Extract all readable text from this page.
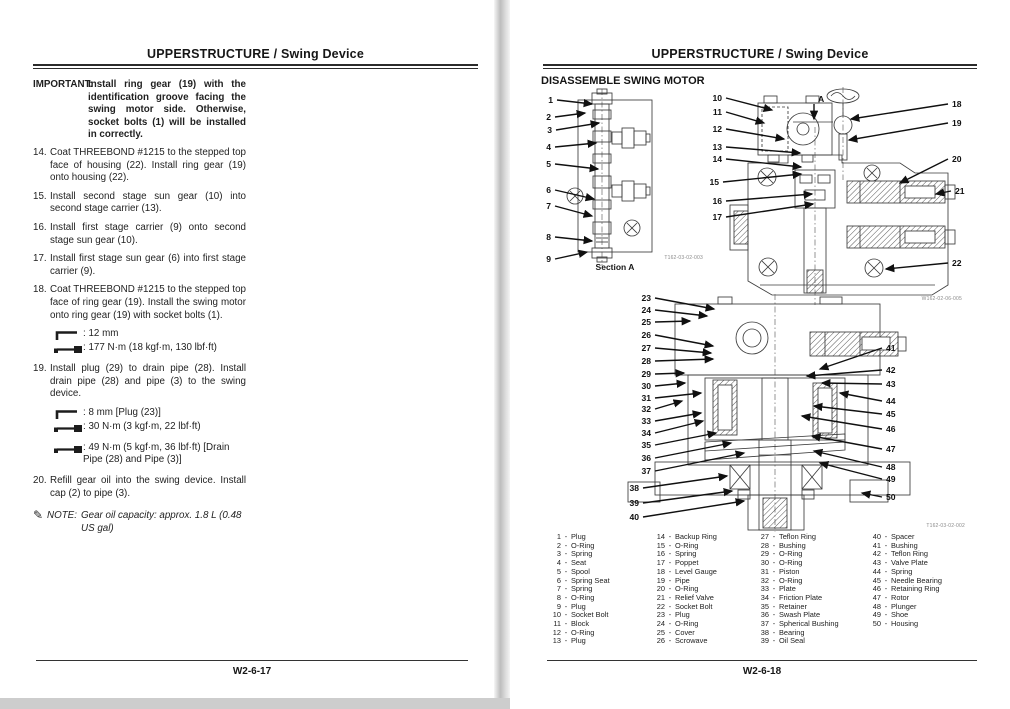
UPPERSTRUCTURE / Swing Device
IMPORTANT:
Install ring gear (19) with the identification groove facing the swing motor side. Otherwise, socket bolts (1) will be installed in correctly.
14. Coat THREEBOND #1215 to the stepped top face of housing (22). Install ring gear (19) onto housing (22).
15. Install second stage sun gear (10) into second stage carrier (13).
16. Install first stage carrier (9) onto second stage sun gear (10).
17. Install first stage sun gear (6) into first stage carrier (9).
18. Coat THREEBOND #1215 to the stepped top face of ring gear (19). Install the swing motor onto ring gear (19) with socket bolts (1).
: 12 mm
: 177 N·m (18 kgf·m, 130 lbf·ft)
19. Install plug (29) to drain pipe (28). Install drain pipe (28) and pipe (3) to the swing device.
: 8 mm [Plug (23)]
: 30 N·m (3 kgf·m, 22 lbf·ft)
: 49 N·m (5 kgf·m, 36 lbf·ft) [Drain Pipe (28) and Pipe (3)]
20. Refill gear oil into the swing device. Install cap (2) to pipe (3).
✎ NOTE: Gear oil capacity: approx. 1.8 L (0.48 US gal)
W2-6-17
UPPERSTRUCTURE / Swing Device
DISASSEMBLE SWING MOTOR
Section A
T162-03-02-003
W162-02-06-005
T162-03-02-002
1 - Plug
2 - O-Ring
3 - Spring
4 - Seat
5 - Spool
6 - Spring Seat
7 - Spring
8 - O-Ring
9 - Plug
10 - Socket Bolt
11 - Block
12 - O-Ring
13 - Plug
14 - Backup Ring
15 - O-Ring
16 - Spring
17 - Poppet
18 - Level Gauge
19 - Pipe
20 - O-Ring
21 - Relief Valve
22 - Socket Bolt
23 - Plug
24 - O-Ring
25 - Cover
26 - Scrowave
27 - Teflon Ring
28 - Bushing
29 - O-Ring
30 - O-Ring
31 - Piston
32 - O-Ring
33 - Plate
34 - Friction Plate
35 - Retainer
36 - Swash Plate
37 - Spherical Bushing
38 - Bearing
39 - Oil Seal
40 - Spacer
41 - Bushing
42 - Teflon Ring
43 - Valve Plate
44 - Spring
45 - Needle Bearing
46 - Retaining Ring
47 - Rotor
48 - Plunger
49 - Shoe
50 - Housing
W2-6-18
1
2
3
4
5
6
7
8
9
10
11
12
13
14
15
16
17
18
19
20
21
22
A
23
24
25
26
27
28
29
30
31
32
33
34
35
36
37
38
39
40
41
42
43
44
45
46
47
48
49
50
